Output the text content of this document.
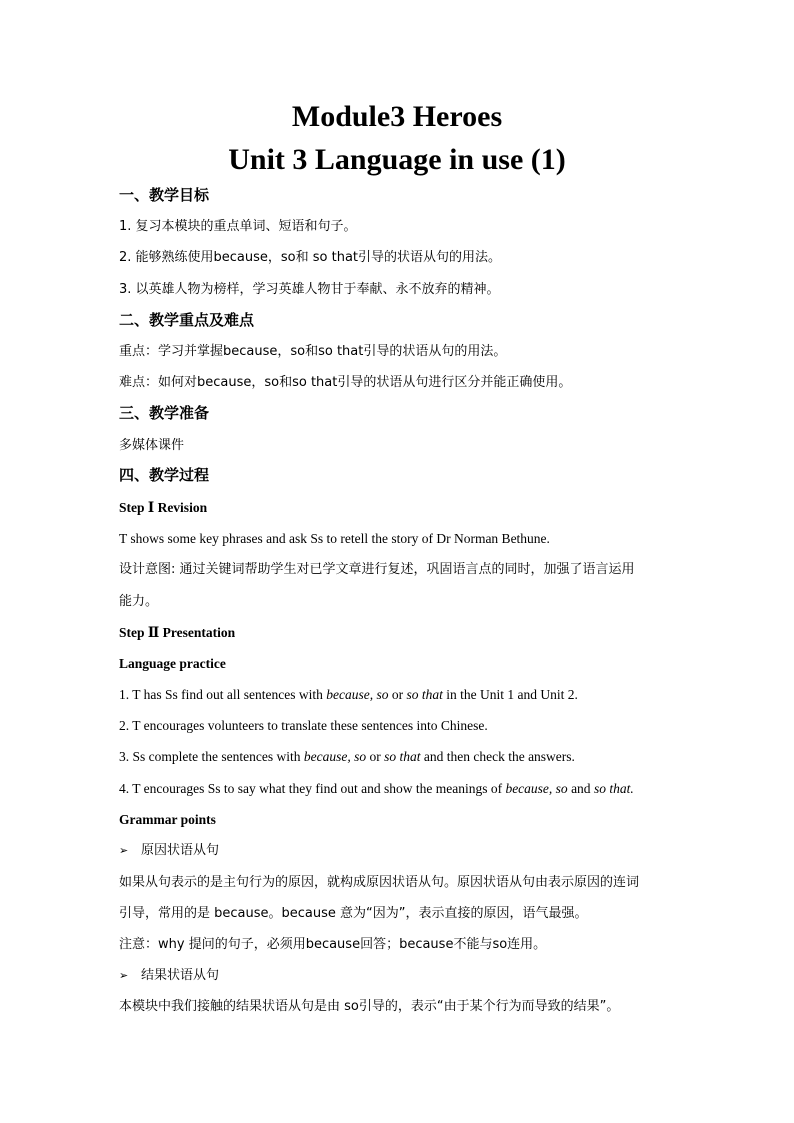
Module3 Heroes
Unit 3 Language in use (1)
一、教学目标
1. 复习本模块的重点单词、短语和句子。
2. 能够熟练使用because，so和 so that引导的状语从句的用法。
3. 以英雄人物为榜样，学习英雄人物甘于奉献、永不放弃的精神。
二、教学重点及难点
重点：学习并掌握because，so和so that引导的状语从句的用法。
难点：如何对because，so和so that引导的状语从句进行区分并能正确使用。
三、教学准备
多媒体课件
四、教学过程
Step Ⅰ Revision
T shows some key phrases and ask Ss to retell the story of Dr Norman Bethune.
设计意图: 通过关键词帮助学生对已学文章进行复述，巩固语言点的同时，加强了语言运用
能力。
Step Ⅱ Presentation
Language practice
1. T has Ss find out all sentences with because, so or so that in the Unit 1 and Unit 2.
2. T encourages volunteers to translate these sentences into Chinese.
3. Ss complete the sentences with because, so or so that and then check the answers.
4. T encourages Ss to say what they find out and show the meanings of because, so and so that.
Grammar points
➢ 原因状语从句
如果从句表示的是主句行为的原因，就构成原因状语从句。原因状语从句由表示原因的连词
引导，常用的是 because。because 意为“因为”，表示直接的原因，语气最强。
注意：why 提问的句子，必须用because回答；because不能与so连用。
➢ 结果状语从句
本模块中我们接触的结果状语从句是由 so引导的，表示“由于某个行为而导致的结果”。
